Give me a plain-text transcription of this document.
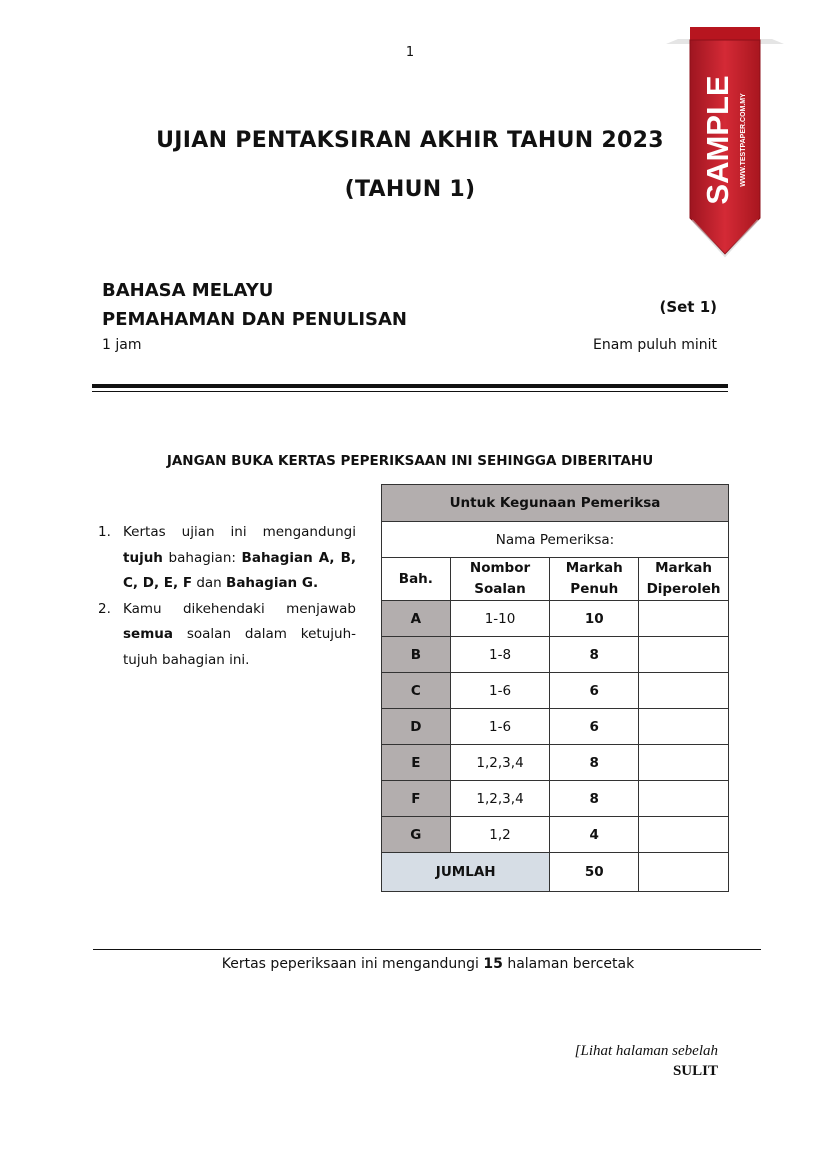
1
UJIAN PENTAKSIRAN AKHIR TAHUN 2023
(TAHUN 1)
BAHASA MELAYU
PEMAHAMAN DAN PENULISAN
(Set 1)
1 jam	Enam puluh minit
JANGAN BUKA KERTAS PEPERIKSAAN INI SEHINGGA DIBERITAHU
1. Kertas ujian ini mengandungi tujuh bahagian: Bahagian A, B, C, D, E, F dan Bahagian G.
2. Kamu dikehendaki menjawab semua soalan dalam ketujuh-tujuh bahagian ini.
Untuk Kegunaan Pemeriksa			
Nama Pemeriksa:			
Bah.	Nombor Soalan	Markah Penuh	Markah Diperoleh
A	1-10	10	
B	1-8	8	
C	1-6	6	
D	1-6	6	
E	1,2,3,4	8	
F	1,2,3,4	8	
G	1,2	4	
JUMLAH		50	
Kertas peperiksaan ini mengandungi 15 halaman bercetak
[Lihat halaman sebelah
SULIT
SAMPLE WWW.TESTPAPER.COM.MY
